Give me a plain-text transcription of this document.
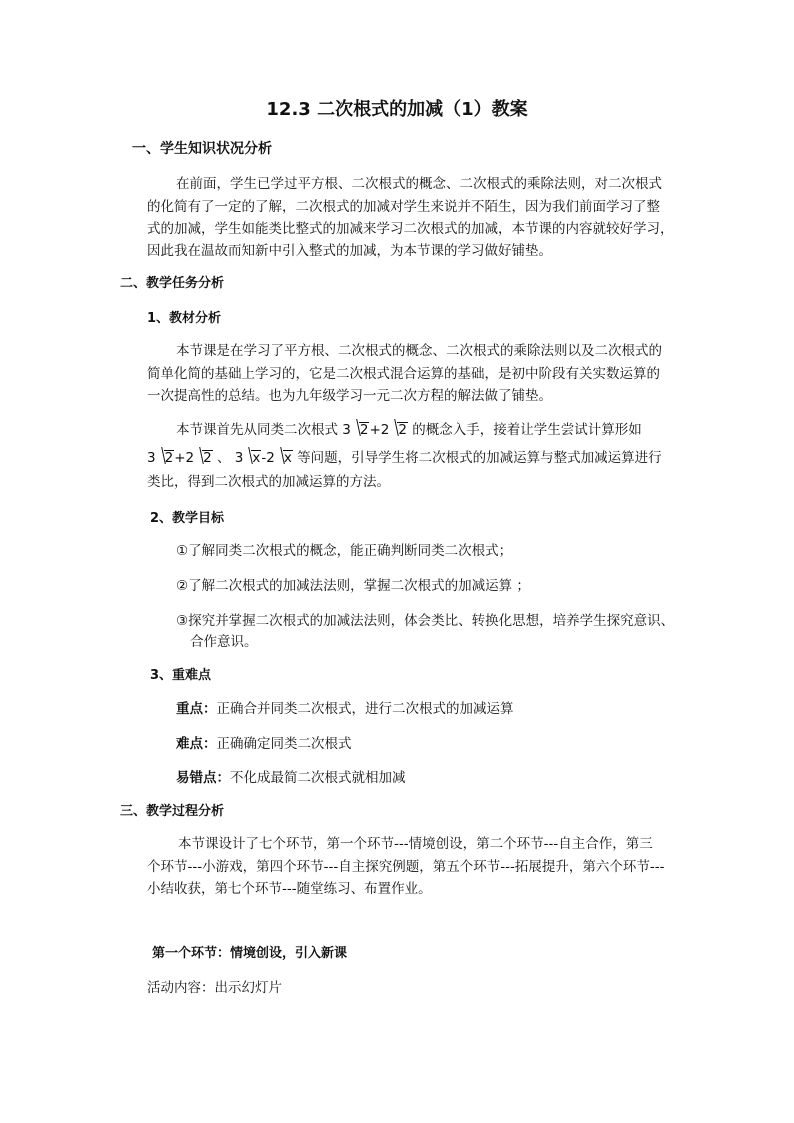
12.3 二次根式的加减（1）教案
一、学生知识状况分析
在前面，学生已学过平方根、二次根式的概念、二次根式的乘除法则，对二次根式
的化简有了一定的了解，二次根式的加减对学生来说并不陌生，因为我们前面学习了整
式的加减，学生如能类比整式的加减来学习二次根式的加减，本节课的内容就较好学习，
因此我在温故而知新中引入整式的加减，为本节课的学习做好铺垫。
二、教学任务分析
1、教材分析
本节课是在学习了平方根、二次根式的概念、二次根式的乘除法则以及二次根式的
简单化简的基础上学习的，它是二次根式混合运算的基础，是初中阶段有关实数运算的
一次提高性的总结。也为九年级学习一元二次方程的解法做了铺垫。
本节课首先从同类二次根式 3 2+2 2 的概念入手，接着让学生尝试计算形如
3 2+2 2 、 3 x-2 x 等问题，引导学生将二次根式的加减运算与整式加减运算进行
类比，得到二次根式的加减运算的方法。
2、教学目标
①了解同类二次根式的概念，能正确判断同类二次根式；
②了解二次根式的加减法法则，掌握二次根式的加减运算 ；
③探究并掌握二次根式的加减法法则，体会类比、转换化思想，培养学生探究意识、
合作意识。
3、重难点
重点：正确合并同类二次根式，进行二次根式的加减运算
难点：正确确定同类二次根式
易错点：不化成最简二次根式就相加减
三、教学过程分析
本节课设计了七个环节，第一个环节---情境创设，第二个环节---自主合作，第三
个环节---小游戏，第四个环节---自主探究例题，第五个环节---拓展提升，第六个环节---
小结收获，第七个环节---随堂练习、布置作业。
第一个环节：情境创设，引入新课
活动内容：出示幻灯片
